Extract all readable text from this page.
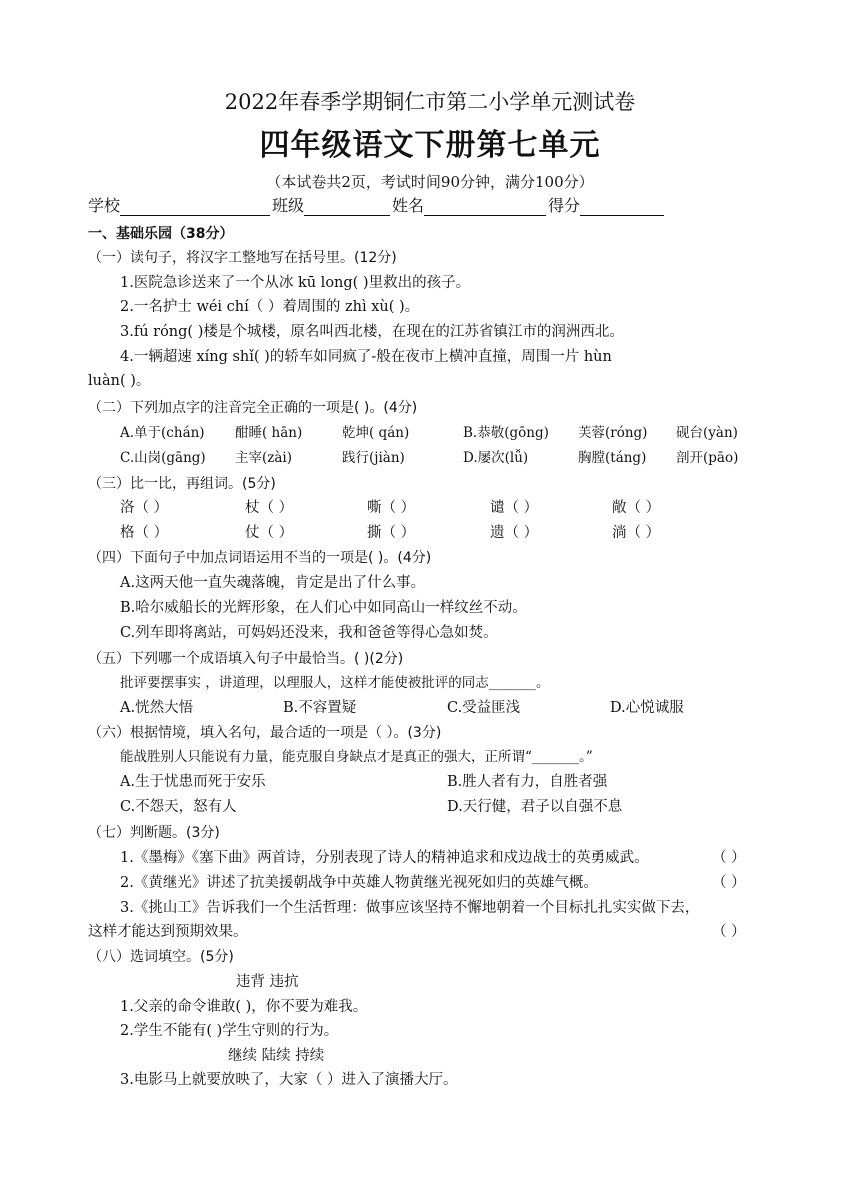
2022年春季学期铜仁市第二小学单元测试卷
四年级语文下册第七单元
（本试卷共2页，考试时间90分钟，满分100分）
学校	班级	姓名	得分
一、基础乐园（38分）
（一）读句子，将汉字工整地写在括号里。(12分)
1.医院急诊送来了一个从冰 kū long( )里救出的孩子。
2.一名护士 wéi chí（ ）着周围的 zhì xù( )。
3.fú róng( )楼是个城楼，原名叫西北楼，在现在的江苏省镇江市的润洲西北。
4.一辆超速 xíng shǐ( )的轿车如同疯了-般在夜市上横冲直撞，周围一片 hùn
luàn( )。
（二）下列加点字的注音完全正确的一项是( )。(4分)
A.单于(chán) 酣睡( hān)	乾坤( qán)	B.恭敬(gōng) 芙蓉(róng) 砚台(yàn)
C.山岗(gāng) 主宰(zài)	践行(jiàn)	D.屡次(lǚ)	胸膛(táng) 剖开(pāo)
（三）比一比，再组词。(5分)
洛（ ）	杖（ ）	嘶（ ）	谴（ ）	敞（ ）
格（ ）	仗（ ）	撕（ ）	遗（ ）	淌（ ）
（四）下面句子中加点词语运用不当的一项是( )。(4分)
A.这两天他一直失魂落魄，肯定是出了什么事。
B.哈尔威船长的光辉形象，在人们心中如同高山一样纹丝不动。
C.列车即将离站，可妈妈还没来，我和爸爸等得心急如焚。
（五）下列哪一个成语填入句子中最恰当。( )(2分)
批评要摆事实 ，讲道理，以理服人，这样才能使被批评的同志_______。
A.恍然大悟	B.不容置疑	C.受益匪浅	D.心悦诚服
（六）根据情境，填入名句，最合适的一项是（ ）。(3分)
能战胜别人只能说有力量，能克服自身缺点才是真正的强大，正所谓“_______。”
A.生于忧患而死于安乐	B.胜人者有力，自胜者强
C.不怨天，怒有人	D.天行健，君子以自强不息
（七）判断题。(3分)
1.《墨梅》《塞下曲》两首诗，分别表现了诗人的精神追求和戍边战士的英勇威武。	（ ）
2.《黄继光》讲述了抗美援朝战争中英雄人物黄继光视死如归的英雄气概。	（ ）
3.《挑山工》告诉我们一个生活哲理：做事应该坚持不懈地朝着一个目标扎扎实实做下去，
这样才能达到预期效果。	（ ）
（八）选词填空。(5分)
违背 违抗
1.父亲的命令谁敢( )，你不要为难我。
2.学生不能有( )学生守则的行为。
继续 陆续 持续
3.电影马上就要放映了，大家（ ）进入了演播大厅。
